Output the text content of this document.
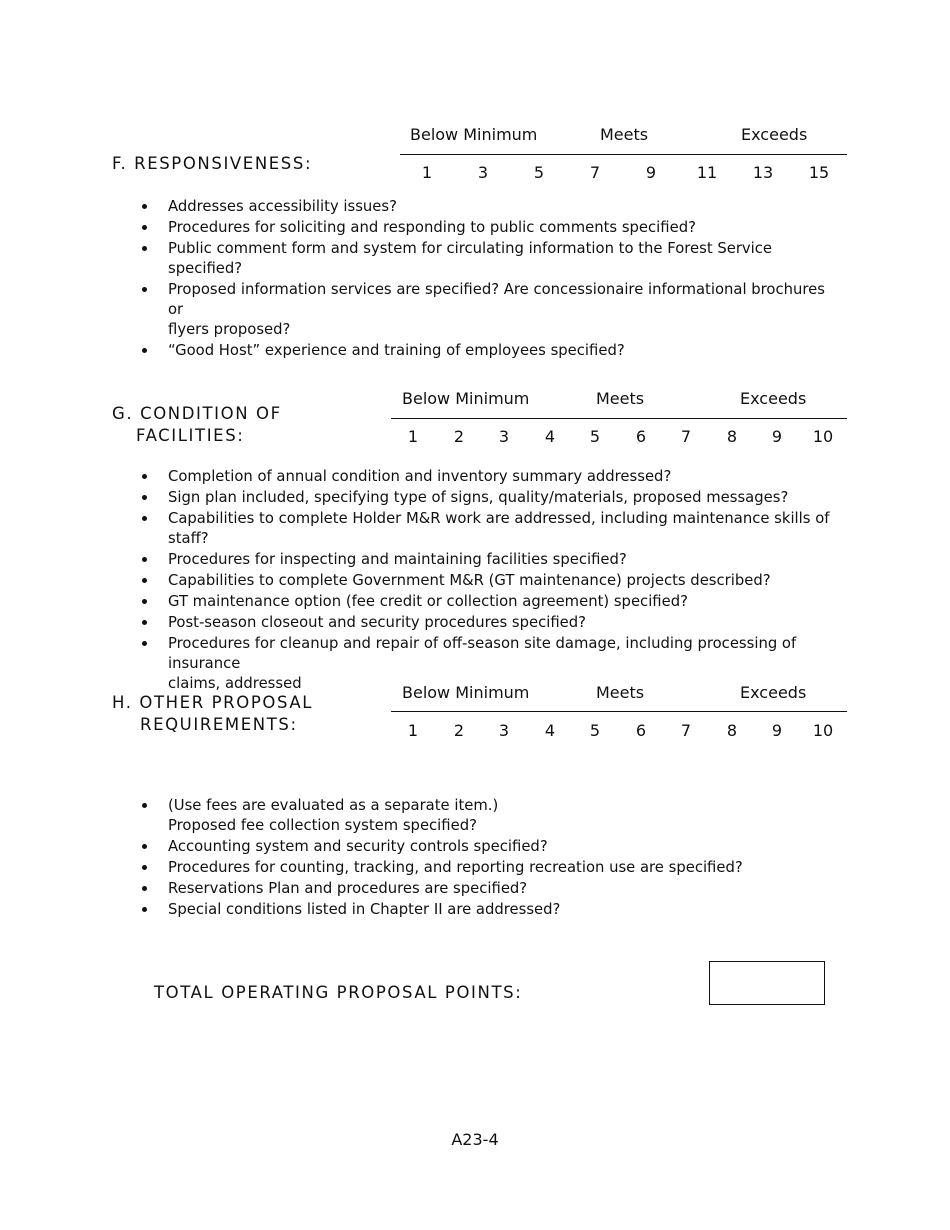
F. RESPONSIVENESS:
Below Minimum	Meets	Exceeds
1	3	5	7	9	11 13 15
Addresses accessibility issues?
Procedures for soliciting and responding to public comments specified?
Public comment form and system for circulating information to the Forest Service specified?
Proposed information services are specified? Are concessionaire informational brochures or
flyers proposed?
“Good Host” experience and training of employees specified?
G. CONDITION OF
FACILITIES:
Below Minimum	Meets	Exceeds
1 2 3 4 5 6 7 8 9 10
Completion of annual condition and inventory summary addressed?
Sign plan included, specifying type of signs, quality/materials, proposed messages?
Capabilities to complete Holder M&R work are addressed, including maintenance skills of staff?
Procedures for inspecting and maintaining facilities specified?
Capabilities to complete Government M&R (GT maintenance) projects described?
GT maintenance option (fee credit or collection agreement) specified?
Post-season closeout and security procedures specified?
Procedures for cleanup and repair of off-season site damage, including processing of insurance
claims, addressed
H. OTHER PROPOSAL
REQUIREMENTS:
Below Minimum	Meets	Exceeds
1 2 3 4 5 6 7 8 9 10
(Use fees are evaluated as a separate item.)
Proposed fee collection system specified?
Accounting system and security controls specified?
Procedures for counting, tracking, and reporting recreation use are specified?
Reservations Plan and procedures are specified?
Special conditions listed in Chapter II are addressed?
TOTAL OPERATING PROPOSAL POINTS:
A23-4
